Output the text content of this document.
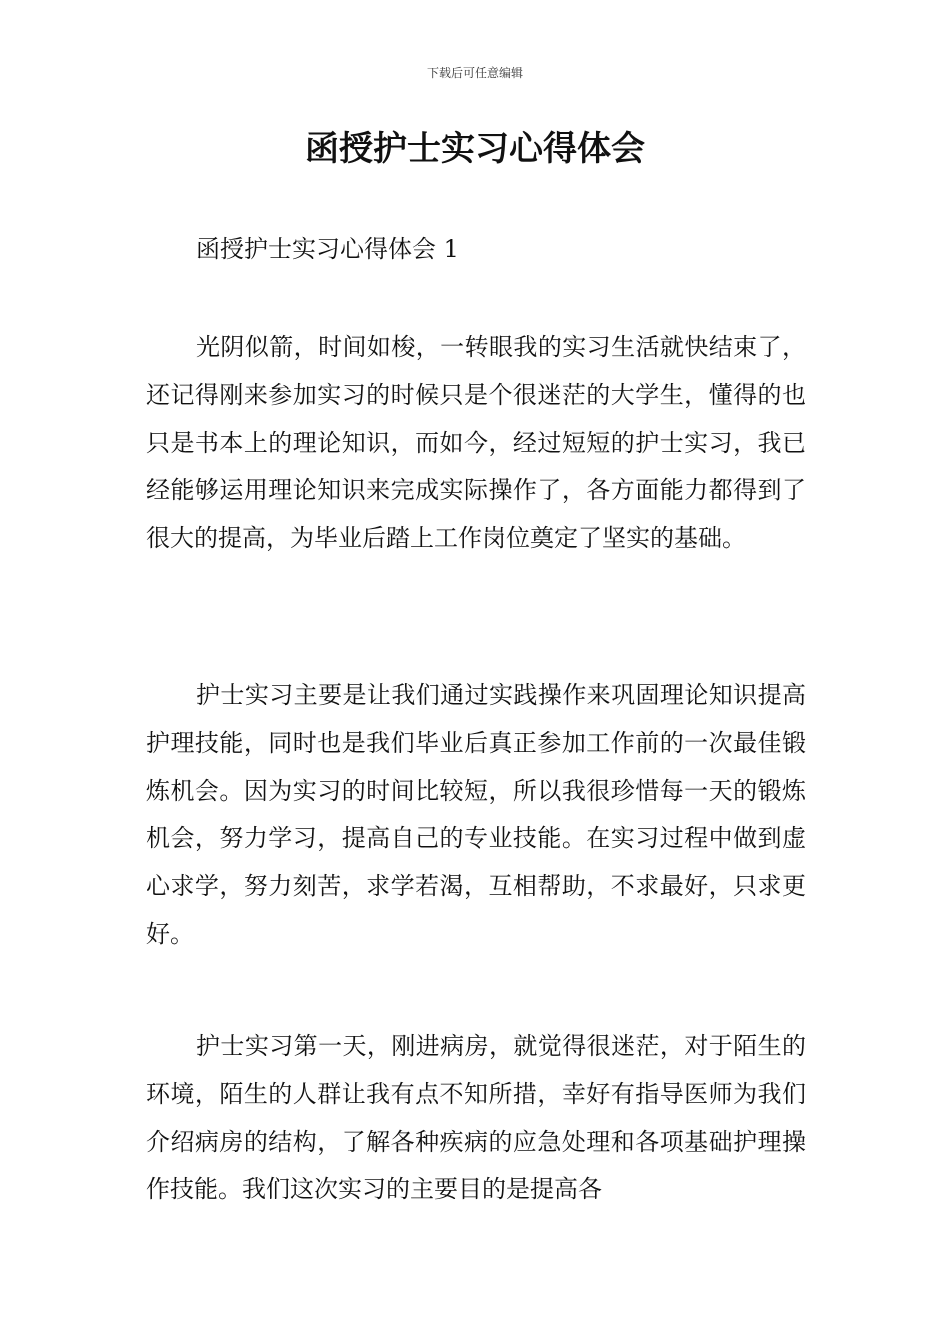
下载后可任意编辑
函授护士实习心得体会

函授护士实习心得体会 1

光阴似箭，时间如梭，一转眼我的实习生活就快结束了，还记得刚来参加实习的时候只是个很迷茫的大学生，懂得的也只是书本上的理论知识，而如今，经过短短的护士实习，我已经能够运用理论知识来完成实际操作了，各方面能力都得到了很大的提高，为毕业后踏上工作岗位奠定了坚实的基础。

护士实习主要是让我们通过实践操作来巩固理论知识提高护理技能，同时也是我们毕业后真正参加工作前的一次最佳锻炼机会。因为实习的时间比较短，所以我很珍惜每一天的锻炼机会，努力学习，提高自己的专业技能。在实习过程中做到虚心求学，努力刻苦，求学若渴，互相帮助，不求最好，只求更好。

护士实习第一天，刚进病房，就觉得很迷茫，对于陌生的环境，陌生的人群让我有点不知所措，幸好有指导医师为我们介绍病房的结构，了解各种疾病的应急处理和各项基础护理操作技能。我们这次实习的主要目的是提高各
